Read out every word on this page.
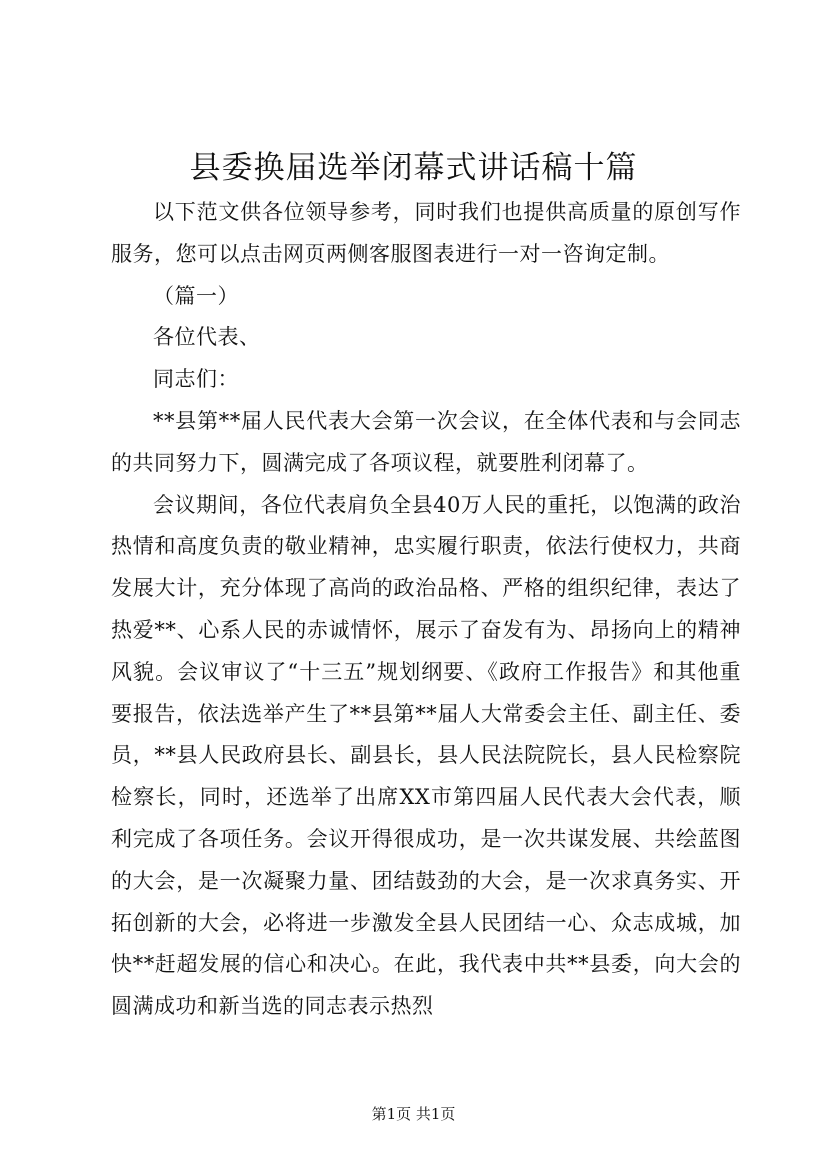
县委换届选举闭幕式讲话稿十篇

以下范文供各位领导参考，同时我们也提供高质量的原创写作服务，您可以点击网页两侧客服图表进行一对一咨询定制。

（篇一）

各位代表、

同志们：

**县第**届人民代表大会第一次会议，在全体代表和与会同志的共同努力下，圆满完成了各项议程，就要胜利闭幕了。

会议期间，各位代表肩负全县40万人民的重托，以饱满的政治热情和高度负责的敬业精神，忠实履行职责，依法行使权力，共商发展大计，充分体现了高尚的政治品格、严格的组织纪律，表达了热爱**、心系人民的赤诚情怀，展示了奋发有为、昂扬向上的精神风貌。会议审议了“十三五”规划纲要、《政府工作报告》和其他重要报告，依法选举产生了**县第**届人大常委会主任、副主任、委员，**县人民政府县长、副县长，县人民法院院长，县人民检察院检察长，同时，还选举了出席XX市第四届人民代表大会代表，顺利完成了各项任务。会议开得很成功，是一次共谋发展、共绘蓝图的大会，是一次凝聚力量、团结鼓劲的大会，是一次求真务实、开拓创新的大会，必将进一步激发全县人民团结一心、众志成城，加快**赶超发展的信心和决心。在此，我代表中共**县委，向大会的圆满成功和新当选的同志表示热烈

第1页 共1页
